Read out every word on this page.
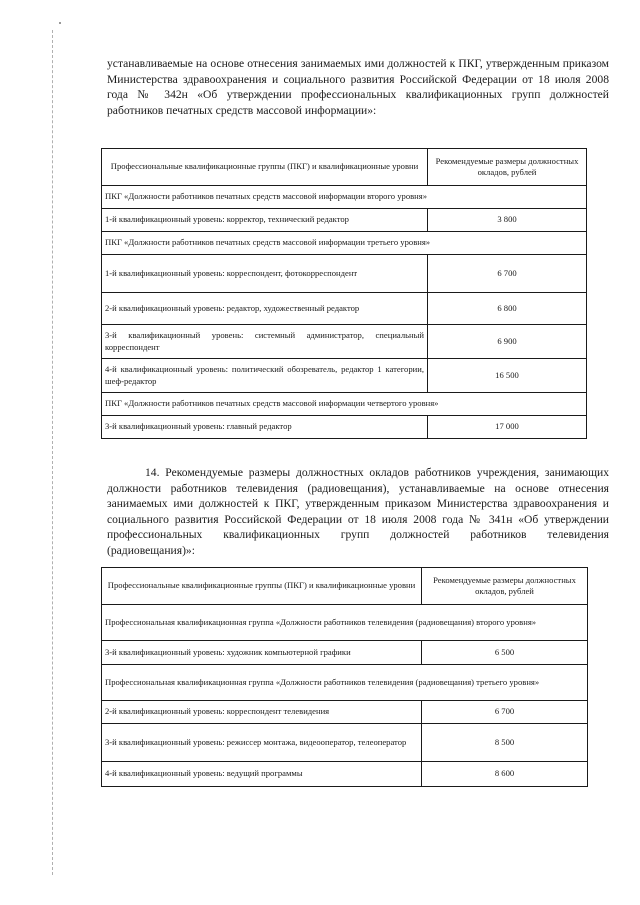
устанавливаемые на основе отнесения занимаемых ими должностей к ПКГ, утвержденным приказом Министерства здравоохранения и социального развития Российской Федерации от 18 июля 2008 года № 342н «Об утверждении профессиональных квалификационных групп должностей работников печатных средств массовой информации»:

Профессиональные квалификационные группы (ПКГ) и квалификационные уровни	Рекомендуемые размеры должностных окладов, рублей
ПКГ «Должности работников печатных средств массовой информации второго уровня»	
1-й квалификационный уровень: корректор, технический редактор	3 800
ПКГ «Должности работников печатных средств массовой информации третьего уровня»	
1-й квалификационный уровень: корреспондент, фотокорреспондент	6 700
2-й квалификационный уровень: редактор, художественный редактор	6 800
3-й квалификационный уровень: системный администратор, специальный корреспондент	6 900
4-й квалификационный уровень: политический обозреватель, редактор 1 категории, шеф-редактор	16 500
ПКГ «Должности работников печатных средств массовой информации четвертого уровня»	
3-й квалификационный уровень: главный редактор	17 000

14. Рекомендуемые размеры должностных окладов работников учреждения, занимающих должности работников телевидения (радиовещания), устанавливаемые на основе отнесения занимаемых ими должностей к ПКГ, утвержденным приказом Министерства здравоохранения и социального развития Российской Федерации от 18 июля 2008 года № 341н «Об утверждении профессиональных квалификационных групп должностей работников телевидения (радиовещания)»:

Профессиональные квалификационные группы (ПКГ) и квалификационные уровни	Рекомендуемые размеры должностных окладов, рублей
Профессиональная квалификационная группа «Должности работников телевидения (радиовещания) второго уровня»	
3-й квалификационный уровень: художник компьютерной графики	6 500
Профессиональная квалификационная группа «Должности работников телевидения (радиовещания) третьего уровня»	
2-й квалификационный уровень: корреспондент телевидения	6 700
3-й квалификационный уровень: режиссер монтажа, видеооператор, телеоператор	8 500
4-й квалификационный уровень: ведущий программы	8 600
